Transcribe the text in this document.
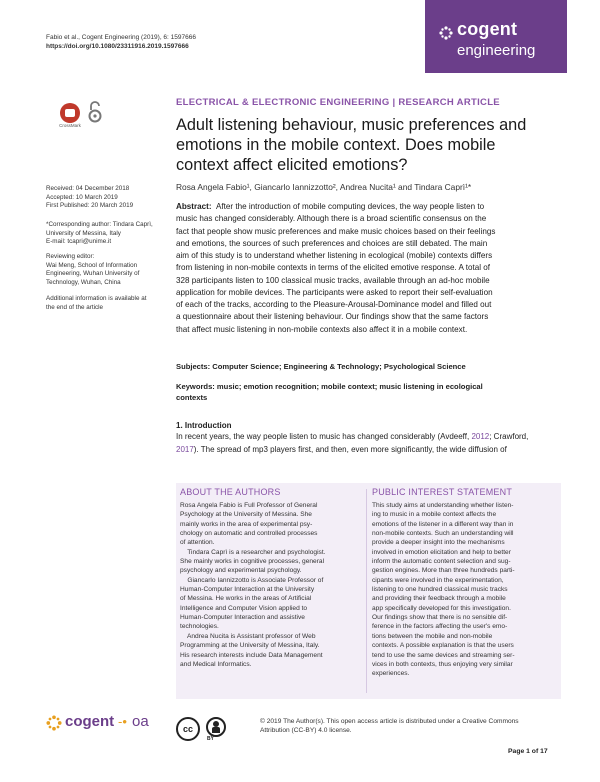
Fabio et al., Cogent Engineering (2019), 6: 1597666
https://doi.org/10.1080/23311916.2019.1597666
cogent
engineering
CrossMark
Received: 04 December 2018
Accepted: 10 March 2019
First Published: 20 March 2019
*Corresponding author: Tindara Caprì,
University of Messina, Italy
E-mail: tcapri@unime.it
Reviewing editor:
Wai Meng, School of Information
Engineering, Wuhan University of
Technology, Wuhan, China
Additional information is available at
the end of the article
ELECTRICAL & ELECTRONIC ENGINEERING | RESEARCH ARTICLE
Adult listening behaviour, music preferences and
emotions in the mobile context. Does mobile
context affect elicited emotions?
Rosa Angela Fabio¹, Giancarlo Iannizzotto², Andrea Nucita¹ and Tindara Caprì¹*
Abstract: After the introduction of mobile computing devices, the way people listen to
music has changed considerably. Although there is a broad scientific consensus on the
fact that people show music preferences and make music choices based on their feelings
and emotions, the sources of such preferences and choices are still debated. The main
aim of this study is to understand whether listening in ecological (mobile) contexts differs
from listening in non-mobile contexts in terms of the elicited emotive response. A total of
328 participants listen to 100 classical music tracks, available through an ad-hoc mobile
application for mobile devices. The participants were asked to report their self-evaluation
of each of the tracks, according to the Pleasure-Arousal-Dominance model and filled out
a questionnaire about their listening behaviour. Our findings show that the same factors
that affect music listening in non-mobile contexts also affect it in a mobile context.
Subjects: Computer Science; Engineering & Technology; Psychological Science
Keywords: music; emotion recognition; mobile context; music listening in ecological
contexts
1. Introduction
In recent years, the way people listen to music has changed considerably (Avdeeff, 2012; Crawford,
2017). The spread of mp3 players first, and then, even more significantly, the wide diffusion of
ABOUT THE AUTHORS
Rosa Angela Fabio is Full Professor of General
Psychology at the University of Messina. She
mainly works in the area of experimental psy-
chology on automatic and controlled processes
of attention.
Tindara Caprì is a researcher and psychologist.
She mainly works in cognitive processes, general
psychology and experimental psychology.
Giancarlo Iannizzotto is Associate Professor of
Human-Computer Interaction at the University
of Messina. He works in the areas of Artificial
Intelligence and Computer Vision applied to
Human-Computer Interaction and assistive
technologies.
Andrea Nucita is Assistant professor of Web
Programming at the University of Messina, Italy.
His research interests include Data Management
and Medical Informatics.
PUBLIC INTEREST STATEMENT
This study aims at understanding whether listen-
ing to music in a mobile context affects the
emotions of the listener in a different way than in
non-mobile contexts. Such an understanding will
provide a deeper insight into the mechanisms
involved in emotion elicitation and help to better
inform the automatic content selection and sug-
gestion engines. More than three hundreds parti-
cipants were involved in the experimentation,
listening to one hundred classical music tracks
and providing their feedback through a mobile
app specifically developed for this investigation.
Our findings show that there is no sensible dif-
ference in the factors affecting the user's emo-
tions between the mobile and non-mobile
contexts. A possible explanation is that the users
tend to use the same devices and streaming ser-
vices in both contexts, thus enjoying very similar
experiences.
cogent -• oa	cc
BY
© 2019 The Author(s). This open access article is distributed under a Creative Commons
Attribution (CC-BY) 4.0 license.
Page 1 of 17
